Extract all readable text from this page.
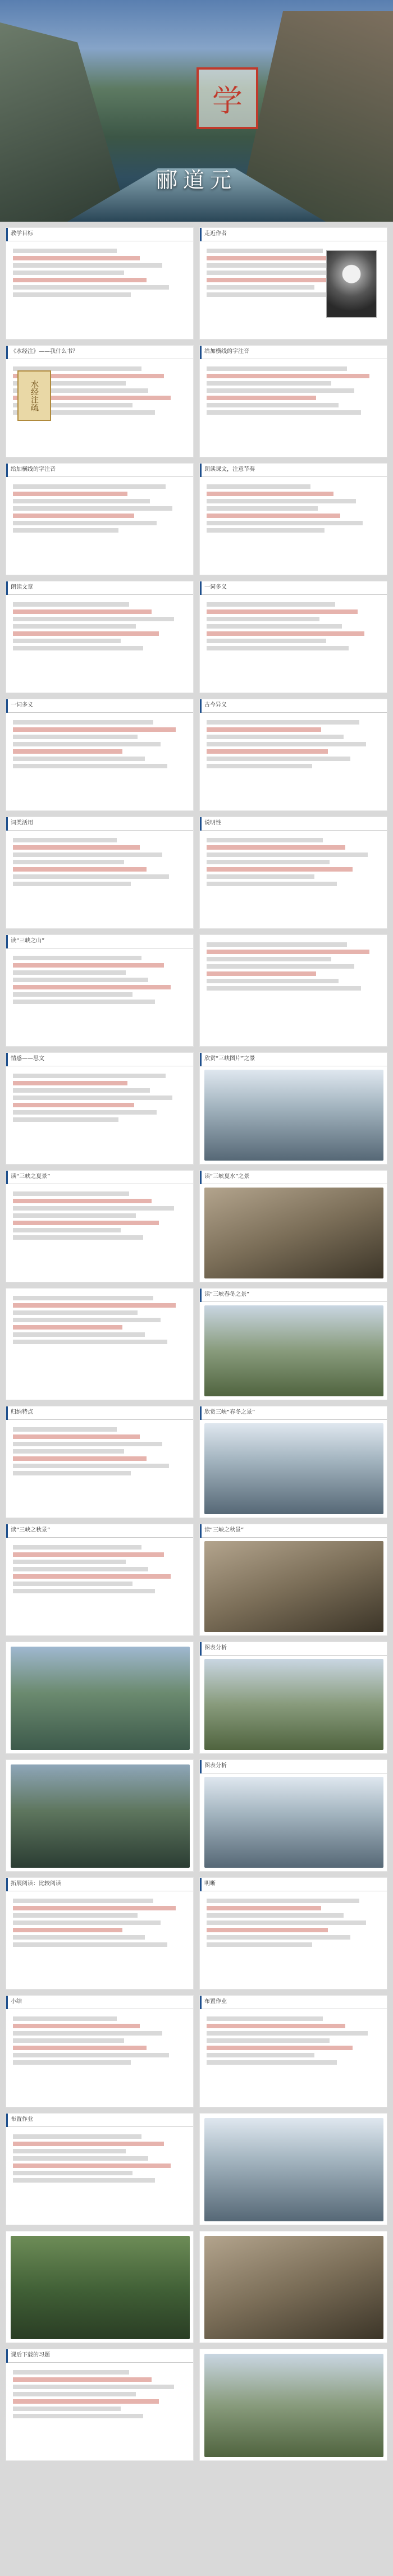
学
郦道元
教学目标	走近作者
《水经注》——我什么书？
水经注疏
给加横线的字注音
给加横线的字注音	朗读课文，注意节奏
朗读文章	一词多义
一词多义	古今异义
词类活用	说明性
读“三峡之山”
情感——思文	欣赏“三峡图片”之景
读“三峡之夏景”	读“三峡夏水”之景
读“三峡春冬之景”
归纳特点	欣赏三峡“春冬之景”
读“三峡之秋景”	读“三峡之秋景”
图表分析
图表分析
拓展阅读：比较阅读	明晰
小结	布置作业
布置作业
课后下载的习题
